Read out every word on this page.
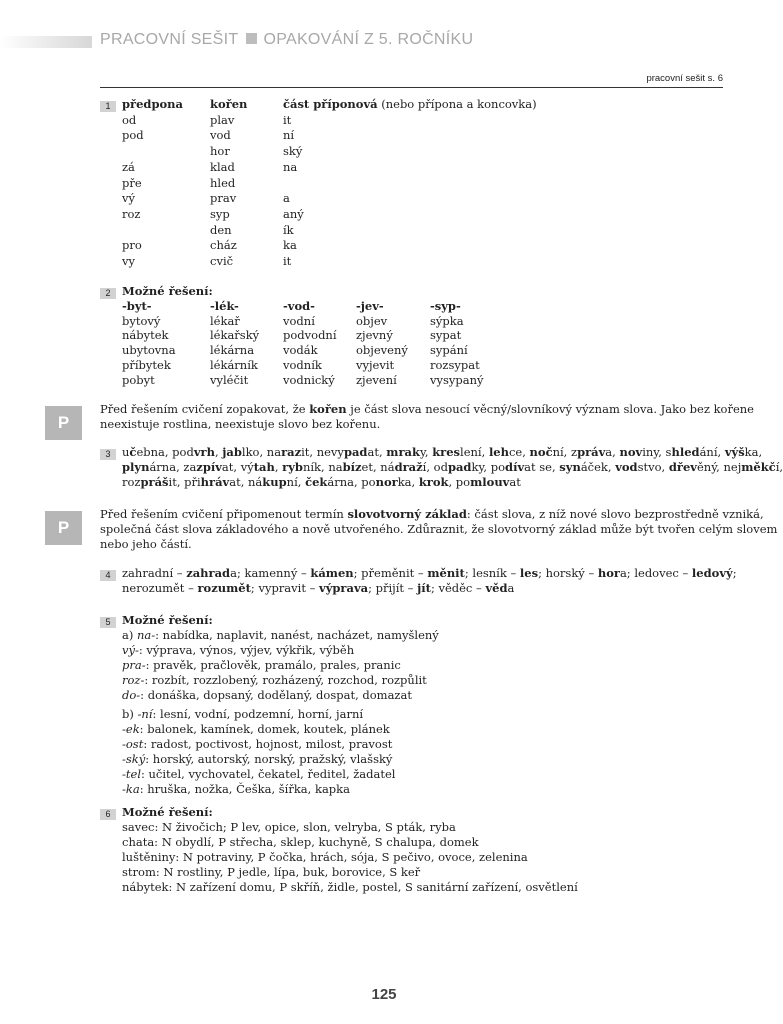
PRACOVNÍ SEŠIT OPAKOVÁNÍ Z 5. ROČNÍKU
pracovní sešit s. 6
1	předpona	kořen	část příponová (nebo přípona a koncovka)
od	plav	it
pod	vod	ní
	hor	ský
zá	klad	na
pře	hled	
vý	prav	a
roz	syp	aný
	den	ík
pro	cház	ka
vy	cvič	it
2	Možné řešení:
-byt-	-lék-	-vod-	-jev-	-syp-
bytový	lékař	vodní	objev	sýpka
nábytek	lékařský	podvodní	zjevný	sypat
ubytovna	lékárna	vodák	objevený	sypání
příbytek	lékárník	vodník	vyjevit	rozsypat
pobyt	vyléčit	vodnický	zjevení	vysypaný
P
Před řešením cvičení zopakovat, že kořen je část slova nesoucí věcný/slovníkový význam slova. Jako bez kořene
neexistuje rostlina, neexistuje slovo bez kořenu.
3	učebna, podvrh, jablko, narazit, nevypadat, mraky, kreslení, lehce, noční, zpráva, noviny, shledání, výška,
plynárna, zazpívat, výtah, rybník, nabízet, nádraží, odpadky, podívat se, synáček, vodstvo, dřevěný, nejměkčí,
rozprášit, přihrávat, nákupní, čekárna, ponorka, krok, pomlouvat
P
Před řešením cvičení připomenout termín slovotvorný základ: část slova, z níž nové slovo bezprostředně vzniká,
společná část slova základového a nově utvořeného. Zdůraznit, že slovotvorný základ může být tvořen celým slovem
nebo jeho částí.
4	zahradní – zahrada; kamenný – kámen; přeměnit – měnit; lesník – les; horský – hora; ledovec – ledový;
nerozumět – rozumět; vypravit – výprava; přijít – jít; věděc – věda
5	Možné řešení:
a) na-: nabídka, naplavit, nanést, nacházet, namyšlený
vý-: výprava, výnos, výjev, výkřik, výběh
pra-: pravěk, pračlověk, pramálo, prales, pranic
roz-: rozbít, rozzlobený, rozházený, rozchod, rozpůlit
do-: donáška, dopsaný, dodělaný, dospat, domazat
b) -ní: lesní, vodní, podzemní, horní, jarní
-ek: balonek, kamínek, domek, koutek, plánek
-ost: radost, poctivost, hojnost, milost, pravost
-ský: horský, autorský, norský, pražský, vlašský
-tel: učitel, vychovatel, čekatel, ředitel, žadatel
-ka: hruška, nožka, Češka, šířka, kapka
6	Možné řešení:
savec: N živočich; P lev, opice, slon, velryba, S pták, ryba
chata: N obydlí, P střecha, sklep, kuchyně, S chalupa, domek
luštěniny: N potraviny, P čočka, hrách, sója, S pečivo, ovoce, zelenina
strom: N rostliny, P jedle, lípa, buk, borovice, S keř
nábytek: N zařízení domu, P skříň, židle, postel, S sanitární zařízení, osvětlení
125
